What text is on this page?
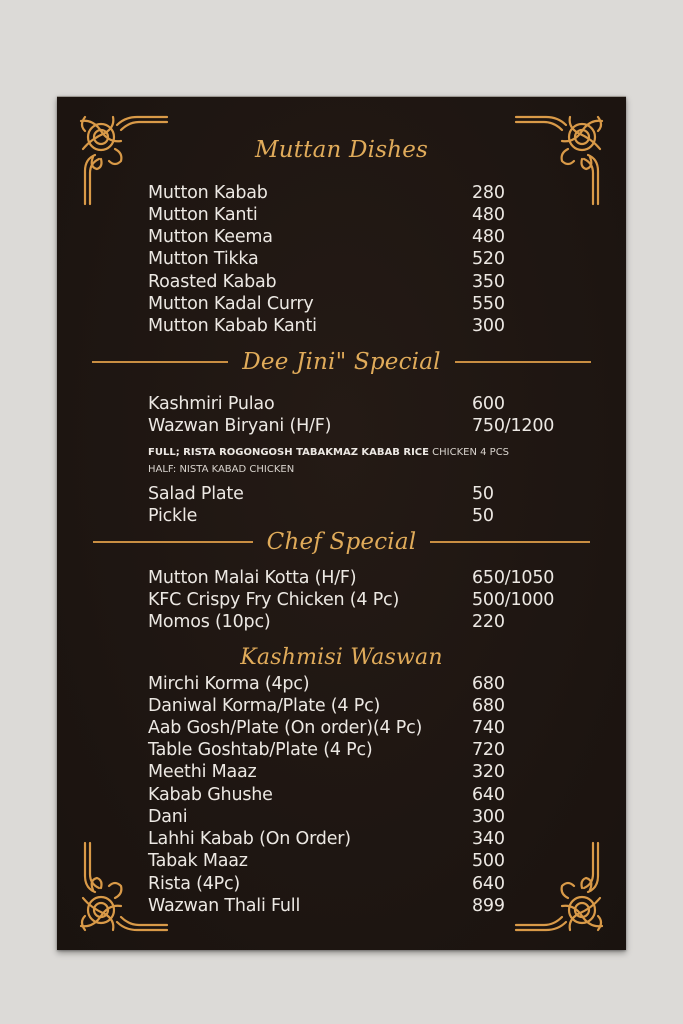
Muttan Dishes
Mutton Kabab	280
Mutton Kanti	480
Mutton Keema	480
Mutton Tikka	520
Roasted Kabab	350
Mutton Kadal Curry	550
Mutton Kabab Kanti	300
Dee Jini" Special
Kashmiri Pulao	600
Wazwan Biryani (H/F)	750/1200
FULL; RISTA ROGONGOSH TABAKMAZ KABAB RICE CHICKEN 4 PCS
HALF: NISTA KABAD CHICKEN
Salad Plate	50
Pickle	50
Chef Special
Mutton Malai Kotta (H/F)	650/1050
KFC Crispy Fry Chicken (4 Pc)	500/1000
Momos (10pc)	220
Kashmisi Waswan
Mirchi Korma (4pc)	680
Daniwal Korma/Plate (4 Pc)	680
Aab Gosh/Plate (On order)(4 Pc)	740
Table Goshtab/Plate (4 Pc)	720
Meethi Maaz	320
Kabab Ghushe	640
Dani	300
Lahhi Kabab (On Order)	340
Tabak Maaz	500
Rista (4Pc)	640
Wazwan Thali Full	899
